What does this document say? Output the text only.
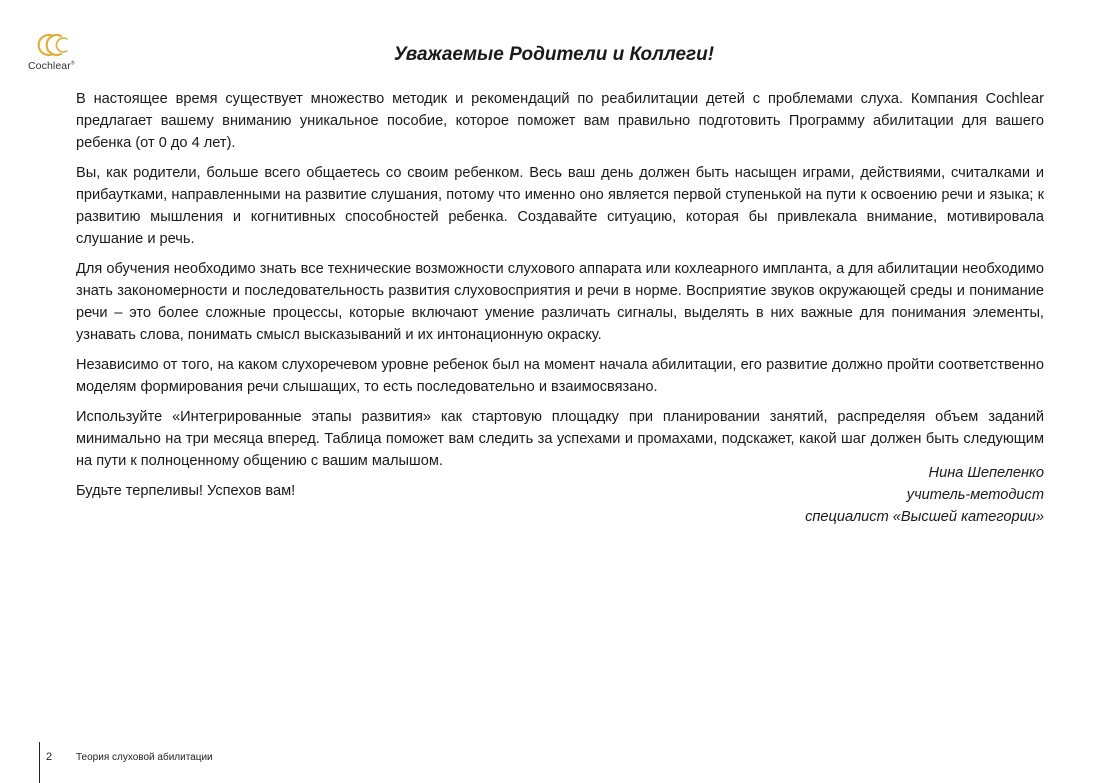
Cochlear®	Уважаемые Родители и Коллеги!

В настоящее время существует множество методик и рекомендаций по реабилитации детей с проблемами слуха. Компания Cochlear предлагает вашему вниманию уникальное пособие, которое поможет вам правильно подготовить Программу абилитации для вашего ребенка (от 0 до 4 лет).

Вы, как родители, больше всего общаетесь со своим ребенком. Весь ваш день должен быть насыщен играми, действиями, считалками и прибаутками, направленными на развитие слушания, потому что именно оно является первой ступенькой на пути к освоению речи и языка; к развитию мышления и когнитивных способностей ребенка. Создавайте ситуацию, которая бы привлекала внимание, мотивировала слушание и речь.

Для обучения необходимо знать все технические возможности слухового аппарата или кохлеарного импланта, а для абилитации необходимо знать закономерности и последовательность развития слуховосприятия и речи в норме. Восприятие звуков окружающей среды и понимание речи – это более сложные процессы, которые включают умение различать сигналы, выделять в них важные для понимания элементы, узнавать слова, понимать смысл высказываний и их интонационную окраску.

Независимо от того, на каком слухоречевом уровне ребенок был на момент начала абилитации, его развитие должно пройти соответственно моделям формирования речи слышащих, то есть последовательно и взаимосвязано.

Используйте «Интегрированные этапы развития» как стартовую площадку при планировании занятий, распределяя объем заданий минимально на три месяца вперед. Таблица поможет вам следить за успехами и промахами, подскажет, какой шаг должен быть следующим на пути к полноценному общению с вашим малышом.

Будьте терпеливы! Успехов вам!

Нина Шепеленко
учитель-методист
специалист «Высшей категории»
2 Теория слуховой абилитации
